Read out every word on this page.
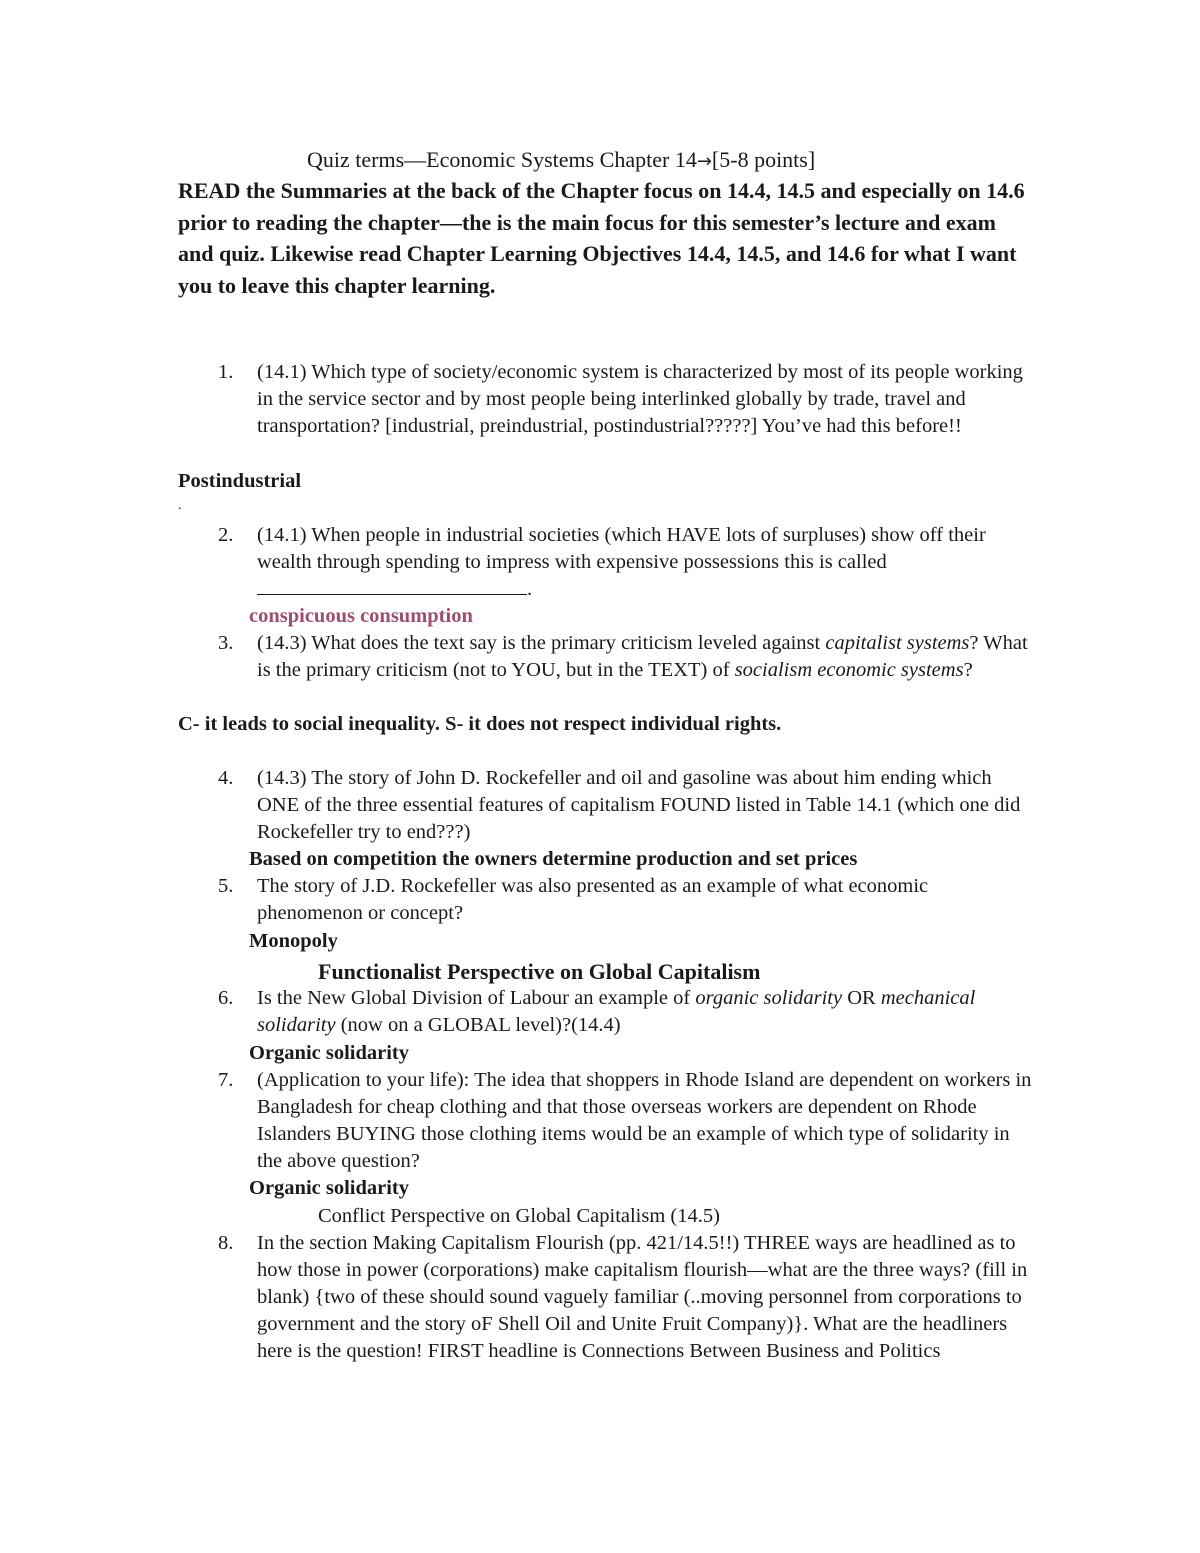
Quiz terms—Economic Systems Chapter 14→[5-8 points]
READ the Summaries at the back of the Chapter focus on 14.4, 14.5 and especially on 14.6 prior to reading the chapter—the is the main focus for this semester’s lecture and exam and quiz. Likewise read Chapter Learning Objectives 14.4, 14.5, and 14.6 for what I want you to leave this chapter learning.
1. (14.1) Which type of society/economic system is characterized by most of its people working in the service sector and by most people being interlinked globally by trade, travel and transportation? [industrial, preindustrial, postindustrial?????] You’ve had this before!!
Postindustrial
.
2. (14.1) When people in industrial societies (which HAVE lots of surpluses) show off their wealth through spending to impress with expensive possessions this is called.
conspicuous consumption
3. (14.3) What does the text say is the primary criticism leveled against capitalist systems? What is the primary criticism (not to YOU, but in the TEXT) of socialism economic systems?
C- it leads to social inequality. S- it does not respect individual rights.
4. (14.3) The story of John D. Rockefeller and oil and gasoline was about him ending which ONE of the three essential features of capitalism FOUND listed in Table 14.1 (which one did Rockefeller try to end???)
Based on competition the owners determine production and set prices
5. The story of J.D. Rockefeller was also presented as an example of what economic phenomenon or concept?
Monopoly
Functionalist Perspective on Global Capitalism
6. Is the New Global Division of Labour an example of organic solidarity OR mechanical solidarity (now on a GLOBAL level)?(14.4)
Organic solidarity
7. (Application to your life): The idea that shoppers in Rhode Island are dependent on workers in Bangladesh for cheap clothing and that those overseas workers are dependent on Rhode Islanders BUYING those clothing items would be an example of which type of solidarity in the above question?
Organic solidarity
Conflict Perspective on Global Capitalism (14.5)
8. In the section Making Capitalism Flourish (pp. 421/14.5!!) THREE ways are headlined as to how those in power (corporations) make capitalism flourish—what are the three ways? (fill in blank) {two of these should sound vaguely familiar (..moving personnel from corporations to government and the story oF Shell Oil and Unite Fruit Company)}. What are the headliners here is the question! FIRST headline is Connections Between Business and Politics
